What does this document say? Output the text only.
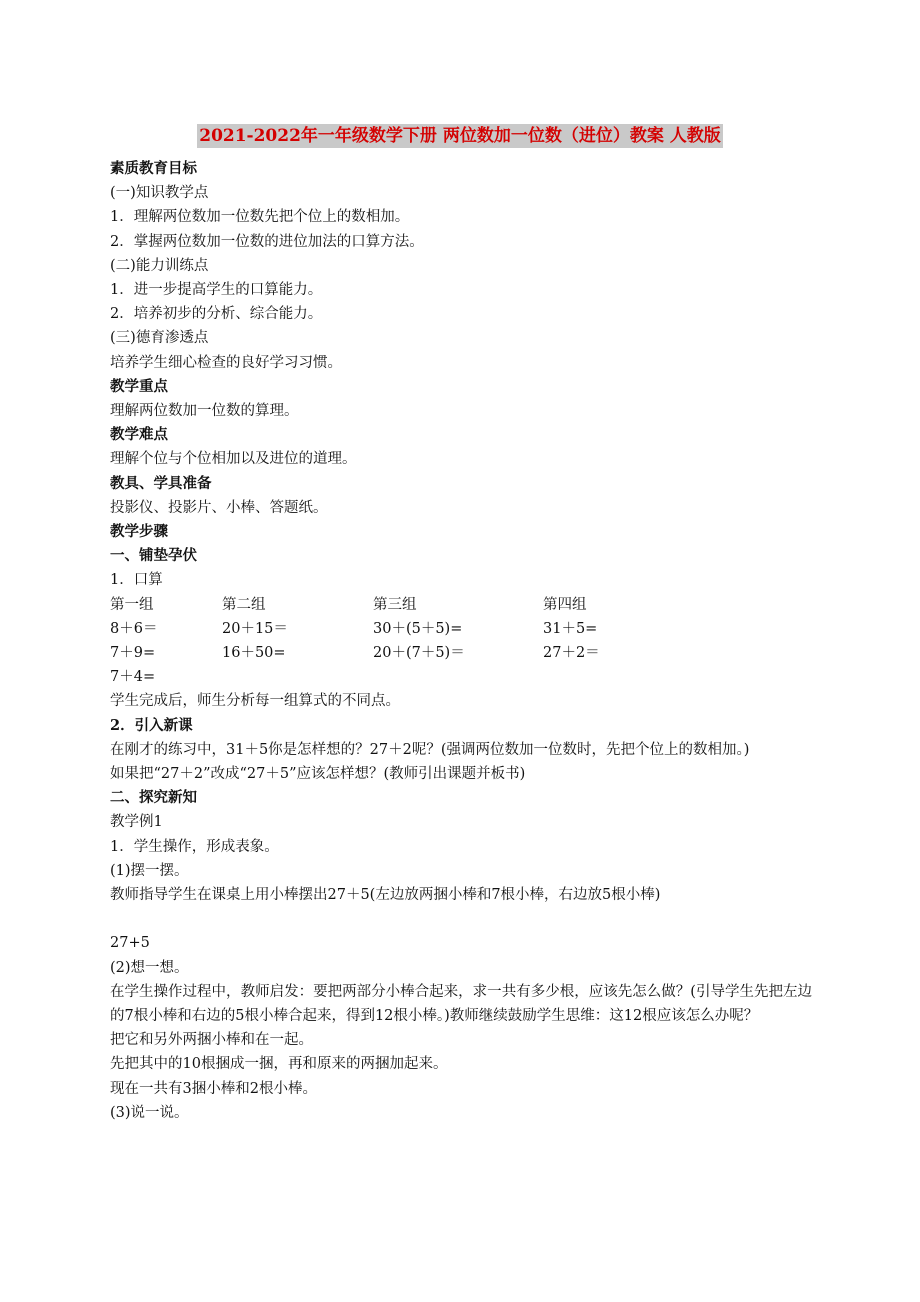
2021-2022年一年级数学下册 两位数加一位数（进位）教案 人教版
素质教育目标
(一)知识教学点
1．理解两位数加一位数先把个位上的数相加。
2．掌握两位数加一位数的进位加法的口算方法。
(二)能力训练点
1．进一步提高学生的口算能力。
2．培养初步的分析、综合能力。
(三)德育渗透点
培养学生细心检查的良好学习习惯。
教学重点
理解两位数加一位数的算理。
教学难点
理解个位与个位相加以及进位的道理。
教具、学具准备
投影仪、投影片、小棒、答题纸。
教学步骤
一、铺垫孕伏
1．口算
第一组	第二组	第三组	第四组
8＋6＝	20＋15＝	30＋(5＋5)=	31＋5=
7＋9=	16＋50=	20＋(7＋5)＝	27＋2＝
7＋4=
学生完成后，师生分析每一组算式的不同点。
2．引入新课
在刚才的练习中，31＋5你是怎样想的？27＋2呢？(强调两位数加一位数时，先把个位上的数相加。)
如果把“27＋2”改成“27＋5”应该怎样想？(教师引出课题并板书)
二、探究新知
教学例1
1．学生操作，形成表象。
(1)摆一摆。
教师指导学生在课桌上用小棒摆出27＋5(左边放两捆小棒和7根小棒，右边放5根小棒)
27+5
(2)想一想。
在学生操作过程中，教师启发：要把两部分小棒合起来，求一共有多少根，应该先怎么做？(引导学生先把左边的7根小棒和右边的5根小棒合起来，得到12根小棒。)教师继续鼓励学生思维：这12根应该怎么办呢？
把它和另外两捆小棒和在一起。
先把其中的10根捆成一捆，再和原来的两捆加起来。
现在一共有3捆小棒和2根小棒。
(3)说一说。
